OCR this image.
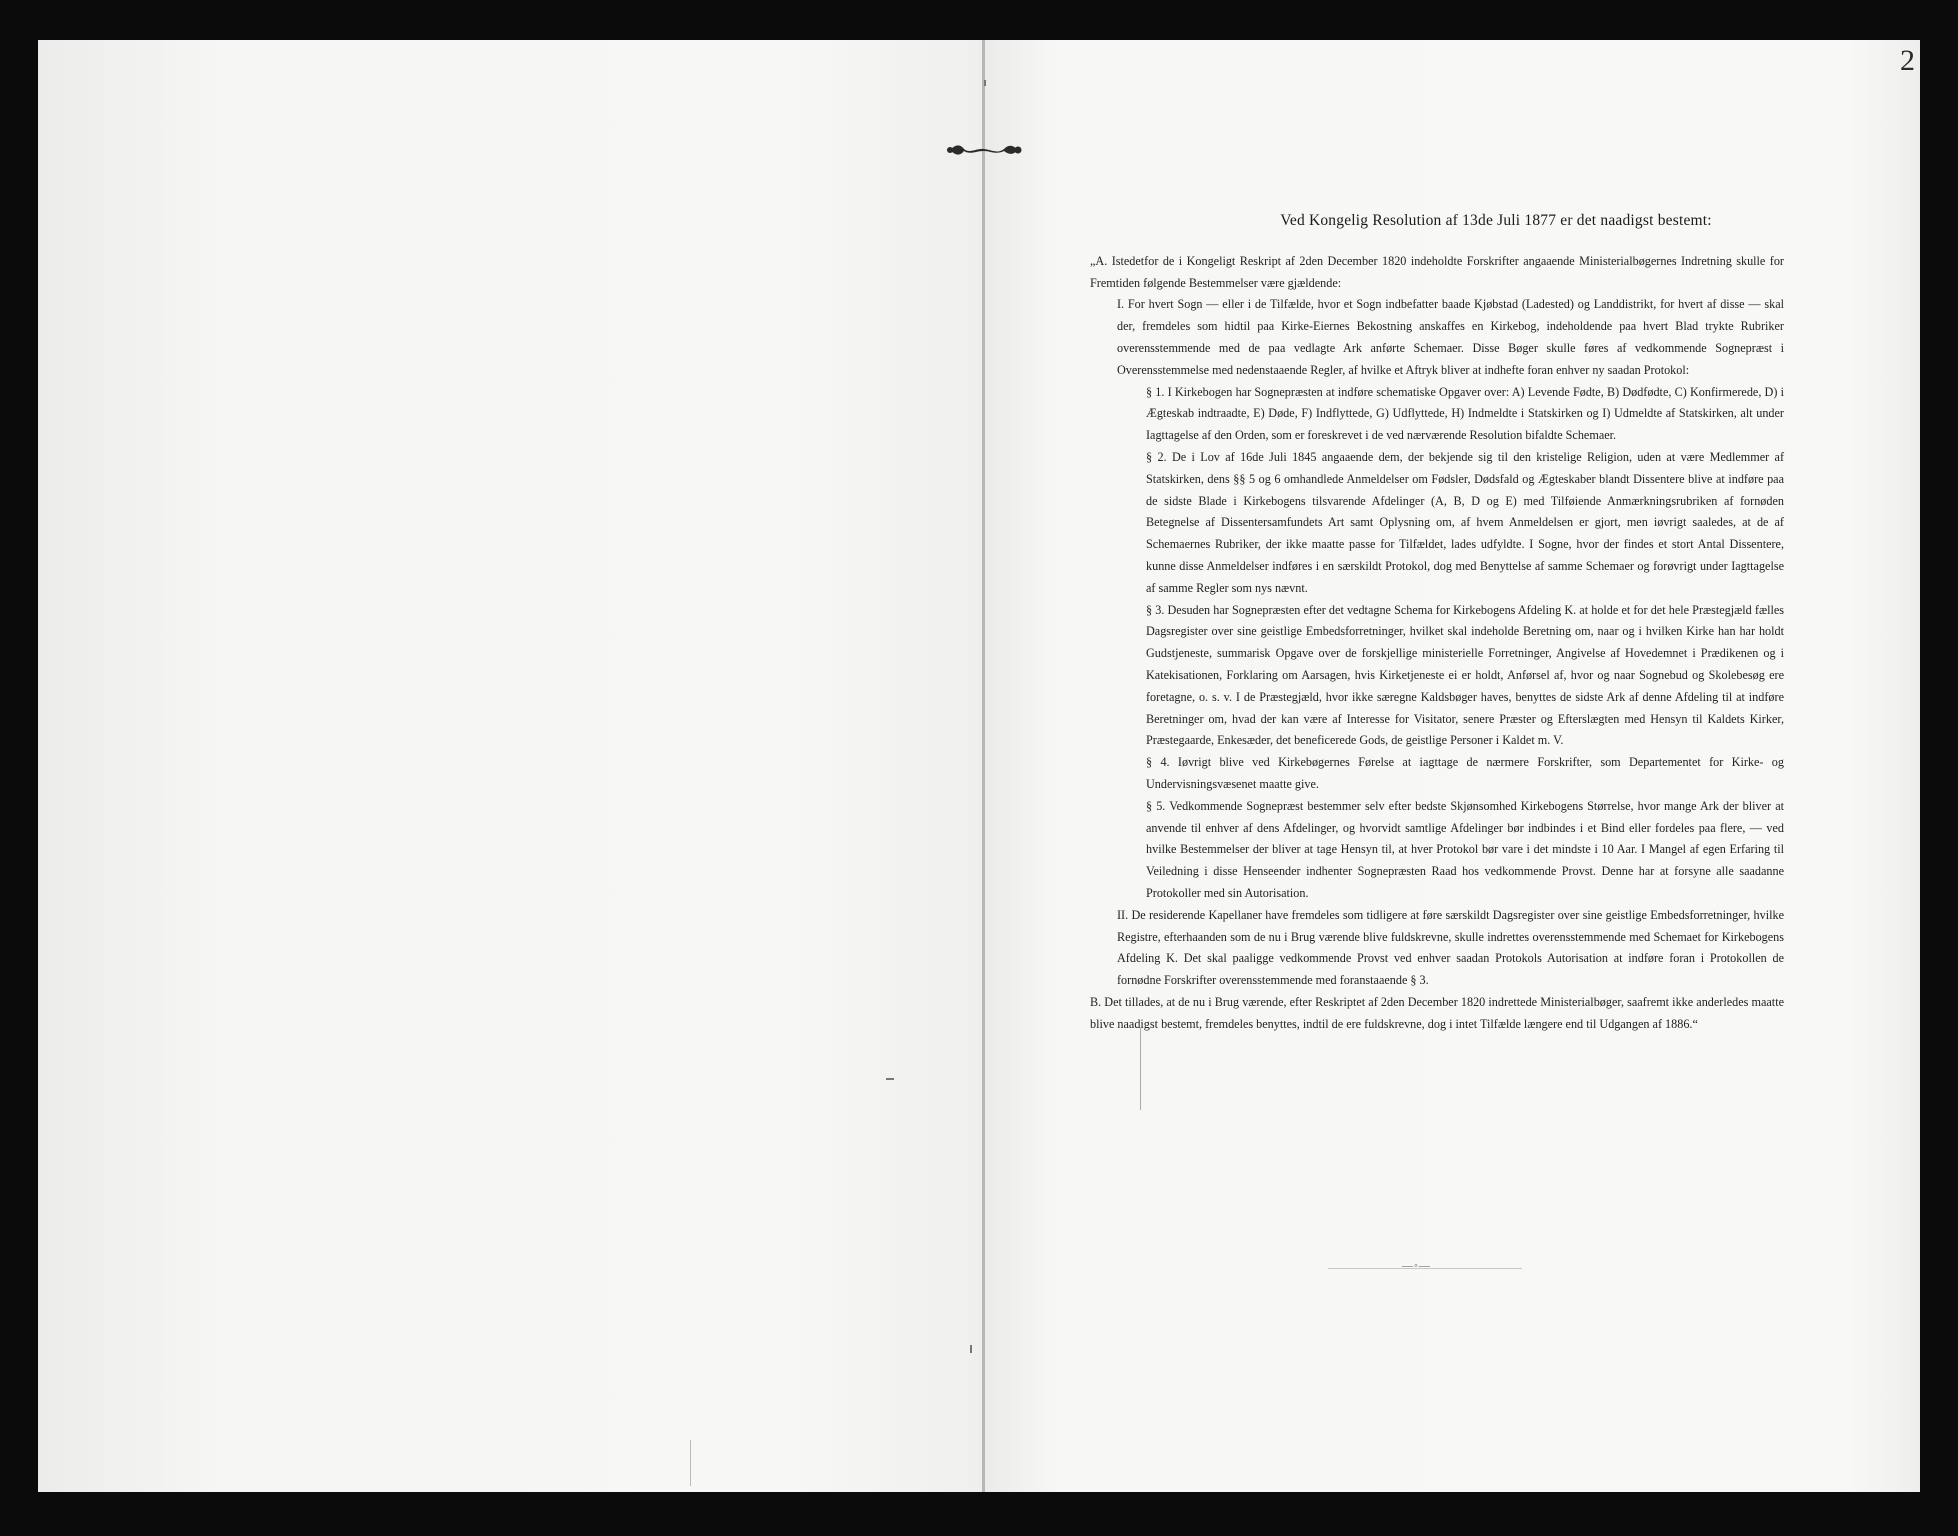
2
Ved Kongelig Resolution af 13de Juli 1877 er det naadigst bestemt:

„A. Istedetfor de i Kongeligt Reskript af 2den December 1820 indeholdte Forskrifter angaaende Ministerialbøgernes Indretning skulle for Fremtiden følgende Bestemmelser være gjældende:

I. For hvert Sogn — eller i de Tilfælde, hvor et Sogn indbefatter baade Kjøbstad (Ladested) og Landdistrikt, for hvert af disse — skal der, fremdeles som hidtil paa Kirke-Eiernes Bekostning anskaffes en Kirkebog, indeholdende paa hvert Blad trykte Rubriker overensstemmende med de paa vedlagte Ark anførte Schemaer. Disse Bøger skulle føres af vedkommende Sognepræst i Overensstemmelse med nedenstaaende Regler, af hvilke et Aftryk bliver at indhefte foran enhver ny saadan Protokol:

§ 1. I Kirkebogen har Sognepræsten at indføre schematiske Opgaver over: A) Levende Fødte, B) Dødfødte, C) Konfirmerede, D) i Ægteskab indtraadte, E) Døde, F) Indflyttede, G) Udflyttede, H) Indmeldte i Statskirken og I) Udmeldte af Statskirken, alt under Iagttagelse af den Orden, som er foreskrevet i de ved nærværende Resolution bifaldte Schemaer.

§ 2. De i Lov af 16de Juli 1845 angaaende dem, der bekjende sig til den kristelige Religion, uden at være Medlemmer af Statskirken, dens §§ 5 og 6 omhandlede Anmeldelser om Fødsler, Dødsfald og Ægteskaber blandt Dissentere blive at indføre paa de sidste Blade i Kirkebogens tilsvarende Afdelinger (A, B, D og E) med Tilføiende Anmærkningsrubriken af fornøden Betegnelse af Dissentersamfundets Art samt Oplysning om, af hvem Anmeldelsen er gjort, men iøvrigt saaledes, at de af Schemaernes Rubriker, der ikke maatte passe for Tilfældet, lades udfyldte. I Sogne, hvor der findes et stort Antal Dissentere, kunne disse Anmeldelser indføres i en særskildt Protokol, dog med Benyttelse af samme Schemaer og forøvrigt under Iagttagelse af samme Regler som nys nævnt.

§ 3. Desuden har Sognepræsten efter det vedtagne Schema for Kirkebogens Afdeling K. at holde et for det hele Præstegjæld fælles Dagsregister over sine geistlige Embedsforretninger, hvilket skal indeholde Beretning om, naar og i hvilken Kirke han har holdt Gudstjeneste, summarisk Opgave over de forskjellige ministerielle Forretninger, Angivelse af Hovedemnet i Prædikenen og i Katekisationen, Forklaring om Aarsagen, hvis Kirketjeneste ei er holdt, Anførsel af, hvor og naar Sognebud og Skolebesøg ere foretagne, o. s. v. I de Præstegjæld, hvor ikke særegne Kaldsbøger haves, benyttes de sidste Ark af denne Afdeling til at indføre Beretninger om, hvad der kan være af Interesse for Visitator, senere Præster og Efterslægten med Hensyn til Kaldets Kirker, Præstegaarde, Enkesæder, det beneficerede Gods, de geistlige Personer i Kaldet m. V.

§ 4. Iøvrigt blive ved Kirkebøgernes Førelse at iagttage de nærmere Forskrifter, som Departementet for Kirke- og Undervisningsvæsenet maatte give.

§ 5. Vedkommende Sognepræst bestemmer selv efter bedste Skjønsomhed Kirkebogens Størrelse, hvor mange Ark der bliver at anvende til enhver af dens Afdelinger, og hvorvidt samtlige Afdelinger bør indbindes i et Bind eller fordeles paa flere, — ved hvilke Bestemmelser der bliver at tage Hensyn til, at hver Protokol bør vare i det mindste i 10 Aar. I Mangel af egen Erfaring til Veiledning i disse Henseender indhenter Sognepræsten Raad hos vedkommende Provst. Denne har at forsyne alle saadanne Protokoller med sin Autorisation.

II. De residerende Kapellaner have fremdeles som tidligere at føre særskildt Dagsregister over sine geistlige Embedsforretninger, hvilke Registre, efterhaanden som de nu i Brug værende blive fuldskrevne, skulle indrettes overensstemmende med Schemaet for Kirkebogens Afdeling K. Det skal paaligge vedkommende Provst ved enhver saadan Protokols Autorisation at indføre foran i Protokollen de fornødne Forskrifter overensstemmende med foranstaaende § 3.

B. Det tillades, at de nu i Brug værende, efter Reskriptet af 2den December 1820 indrettede Ministerialbøger, saafremt ikke anderledes maatte blive naadigst bestemt, fremdeles benyttes, indtil de ere fuldskrevne, dog i intet Tilfælde længere end til Udgangen af 1886.“

—◦—
